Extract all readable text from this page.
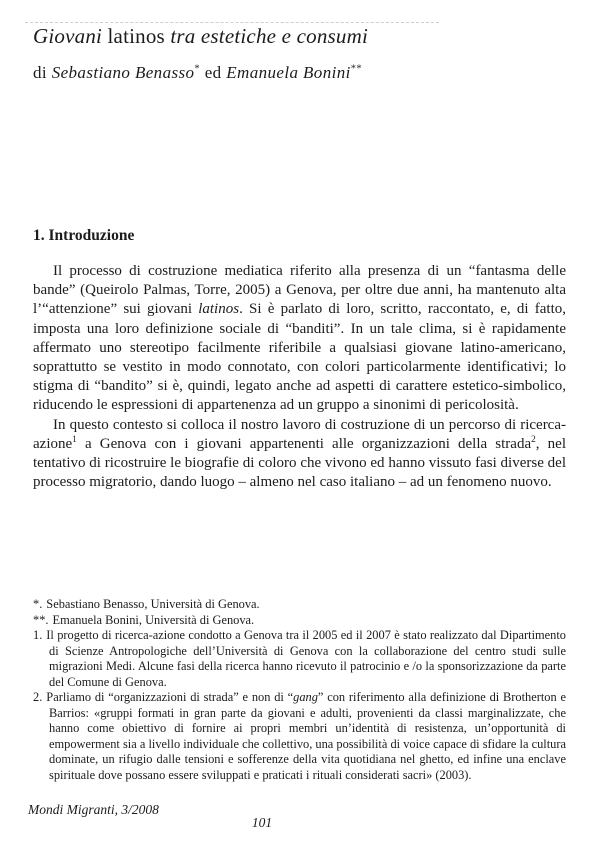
Giovani latinos tra estetiche e consumi
di Sebastiano Benasso* ed Emanuela Bonini**
1. Introduzione

Il processo di costruzione mediatica riferito alla presenza di un “fantasma delle bande” (Queirolo Palmas, Torre, 2005) a Genova, per oltre due anni, ha mantenuto alta l’“attenzione” sui giovani latinos. Si è parlato di loro, scritto, raccontato, e, di fatto, imposta una loro definizione sociale di “banditi”. In un tale clima, si è rapidamente affermato uno stereotipo facilmente riferibile a qualsiasi giovane latino-americano, soprattutto se vestito in modo connotato, con colori particolarmente identificativi; lo stigma di “bandito” si è, quindi, legato anche ad aspetti di carattere estetico-simbolico, riducendo le espressioni di appartenenza ad un gruppo a sinonimi di pericolosità.

In questo contesto si colloca il nostro lavoro di costruzione di un percorso di ricerca-azione$^1$ a Genova con i giovani appartenenti alle organizzazioni della strada$^2$, nel tentativo di ricostruire le biografie di coloro che vivono ed hanno vissuto fasi diverse del processo migratorio, dando luogo – almeno nel caso italiano – ad un fenomeno nuovo.

*. Sebastiano Benasso, Università di Genova.
**. Emanuela Bonini, Università di Genova.
1. Il progetto di ricerca-azione condotto a Genova tra il 2005 ed il 2007 è stato realizzato dal Dipartimento di Scienze Antropologiche dell’Università di Genova con la collaborazione del centro studi sulle migrazioni Medi. Alcune fasi della ricerca hanno ricevuto il patrocinio e /o la sponsorizzazione da parte del Comune di Genova.
2. Parliamo di “organizzazioni di strada” e non di “gang” con riferimento alla definizione di Brotherton e Barrios: «gruppi formati in gran parte da giovani e adulti, provenienti da classi marginalizzate, che hanno come obiettivo di fornire ai propri membri un’identità di resistenza, un’opportunità di empowerment sia a livello individuale che collettivo, una possibilità di voice capace di sfidare la cultura dominate, un rifugio dalle tensioni e sofferenze della vita quotidiana nel ghetto, ed infine una enclave spirituale dove possano essere sviluppati e praticati i rituali considerati sacri» (2003).
Mondi Migranti, 3/2008
101
